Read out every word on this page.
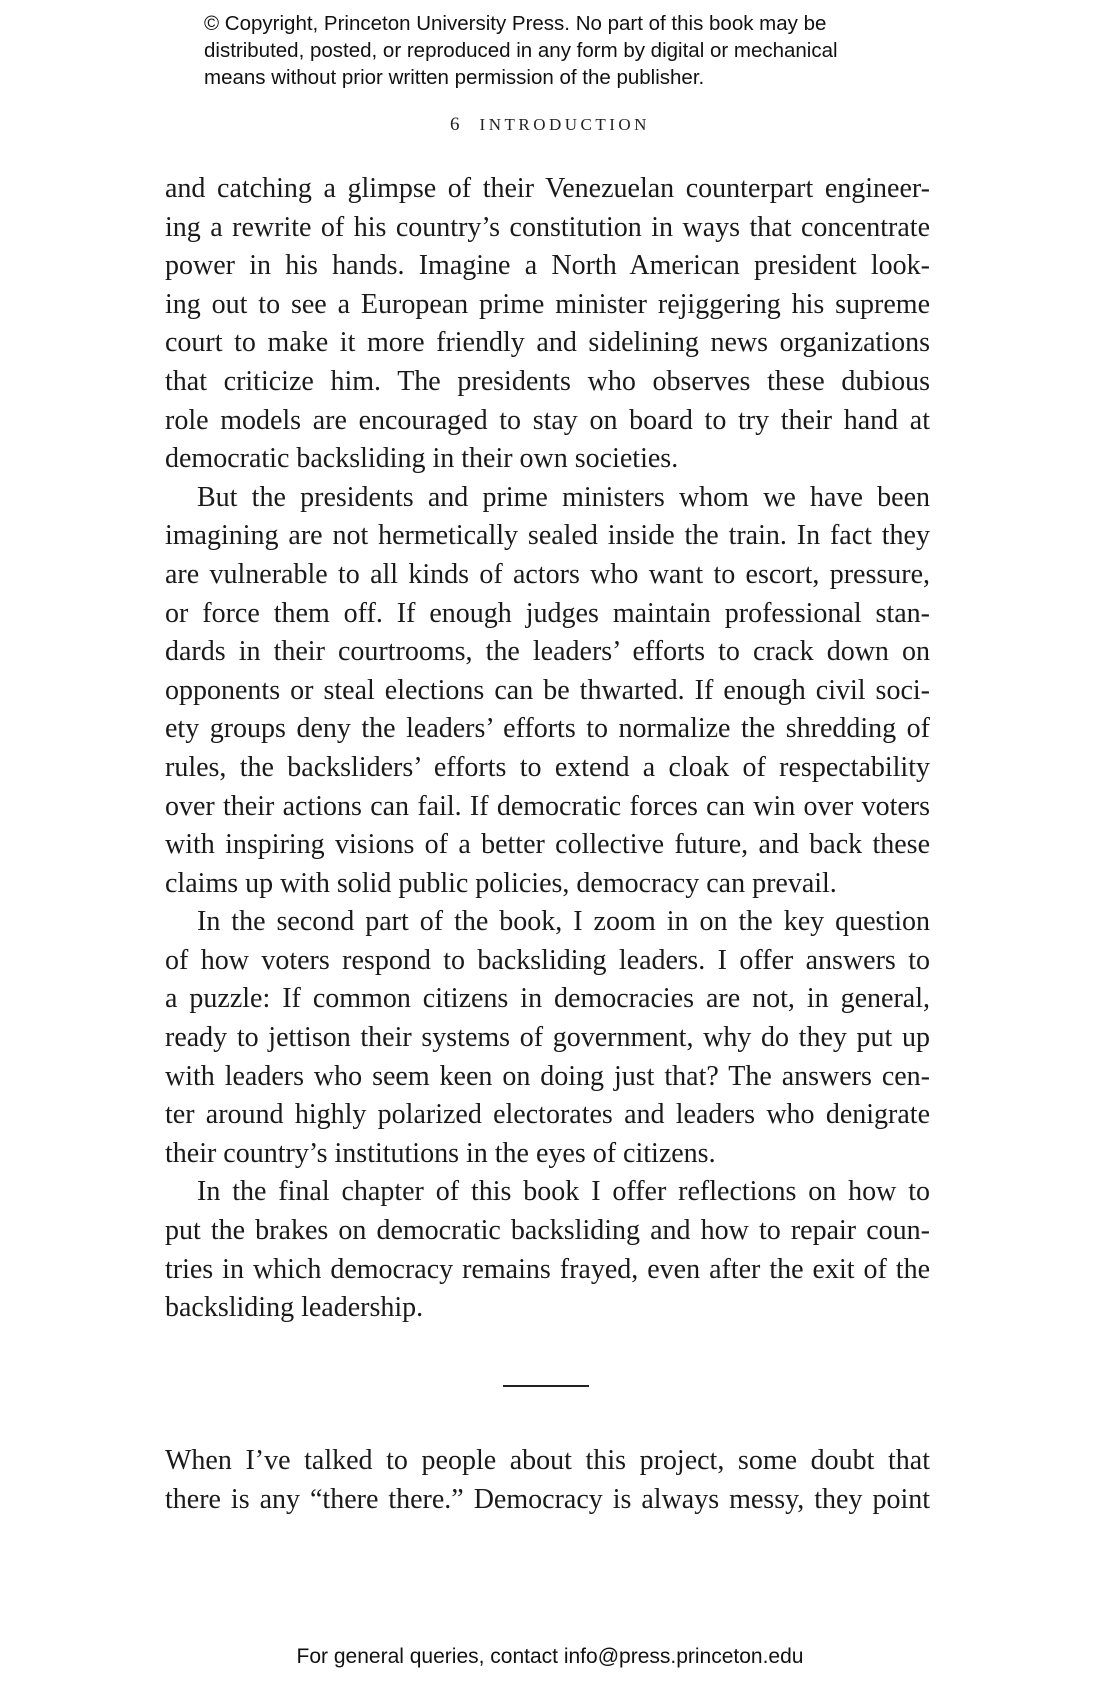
© Copyright, Princeton University Press. No part of this book may be
distributed, posted, or reproduced in any form by digital or mechanical
means without prior written permission of the publisher.
6 INTRODUCTION

and catching a glimpse of their Venezuelan counterpart engineer-
ing a rewrite of his country’s constitution in ways that concentrate
power in his hands. Imagine a North American president look-
ing out to see a European prime minister rejiggering his supreme
court to make it more friendly and sidelining news organizations
that criticize him. The presidents who observes these dubious
role models are encouraged to stay on board to try their hand at
democratic backsliding in their own societies.

But the presidents and prime ministers whom we have been
imagining are not hermetically sealed inside the train. In fact they
are vulnerable to all kinds of actors who want to escort, pressure,
or force them off. If enough judges maintain professional stan-
dards in their courtrooms, the leaders’ efforts to crack down on
opponents or steal elections can be thwarted. If enough civil soci-
ety groups deny the leaders’ efforts to normalize the shredding of
rules, the backsliders’ efforts to extend a cloak of respectability
over their actions can fail. If democratic forces can win over voters
with inspiring visions of a better collective future, and back these
claims up with solid public policies, democracy can prevail.

In the second part of the book, I zoom in on the key question
of how voters respond to backsliding leaders. I offer answers to
a puzzle: If common citizens in democracies are not, in general,
ready to jettison their systems of government, why do they put up
with leaders who seem keen on doing just that? The answers cen-
ter around highly polarized electorates and leaders who denigrate
their country’s institutions in the eyes of citizens.

In the final chapter of this book I offer reflections on how to
put the brakes on democratic backsliding and how to repair coun-
tries in which democracy remains frayed, even after the exit of the
backsliding leadership.

When I’ve talked to people about this project, some doubt that
there is any “there there.” Democracy is always messy, they point

For general queries, contact info@press.princeton.edu
